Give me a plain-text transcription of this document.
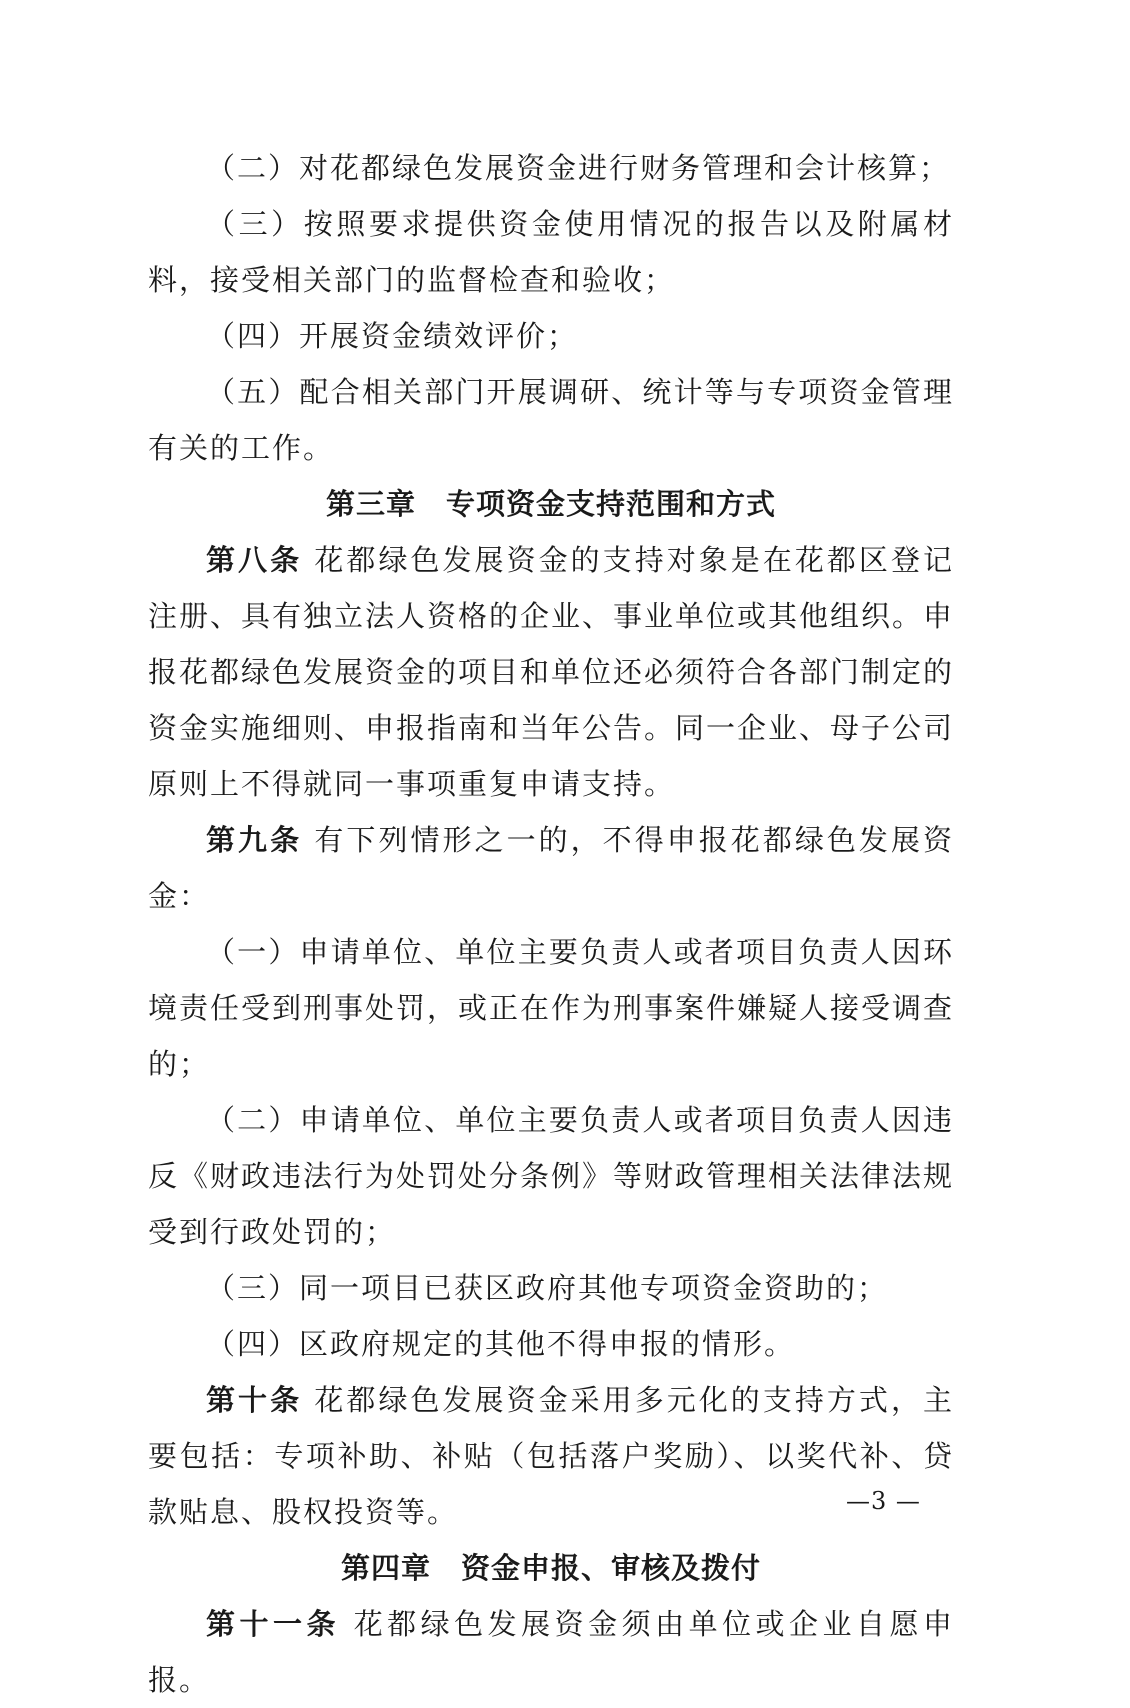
（二）对花都绿色发展资金进行财务管理和会计核算；

（三）按照要求提供资金使用情况的报告以及附属材料，接受相关部门的监督检查和验收；

（四）开展资金绩效评价；

（五）配合相关部门开展调研、统计等与专项资金管理有关的工作。

第三章　专项资金支持范围和方式

第八条 花都绿色发展资金的支持对象是在花都区登记注册、具有独立法人资格的企业、事业单位或其他组织。申报花都绿色发展资金的项目和单位还必须符合各部门制定的资金实施细则、申报指南和当年公告。同一企业、母子公司原则上不得就同一事项重复申请支持。

第九条 有下列情形之一的，不得申报花都绿色发展资金：

（一）申请单位、单位主要负责人或者项目负责人因环境责任受到刑事处罚，或正在作为刑事案件嫌疑人接受调查的；

（二）申请单位、单位主要负责人或者项目负责人因违反《财政违法行为处罚处分条例》等财政管理相关法律法规受到行政处罚的；

（三）同一项目已获区政府其他专项资金资助的；

（四）区政府规定的其他不得申报的情形。

第十条 花都绿色发展资金采用多元化的支持方式，主要包括：专项补助、补贴（包括落户奖励）、以奖代补、贷款贴息、股权投资等。

第四章　资金申报、审核及拨付

第十一条 花都绿色发展资金须由单位或企业自愿申报。

—3 —
